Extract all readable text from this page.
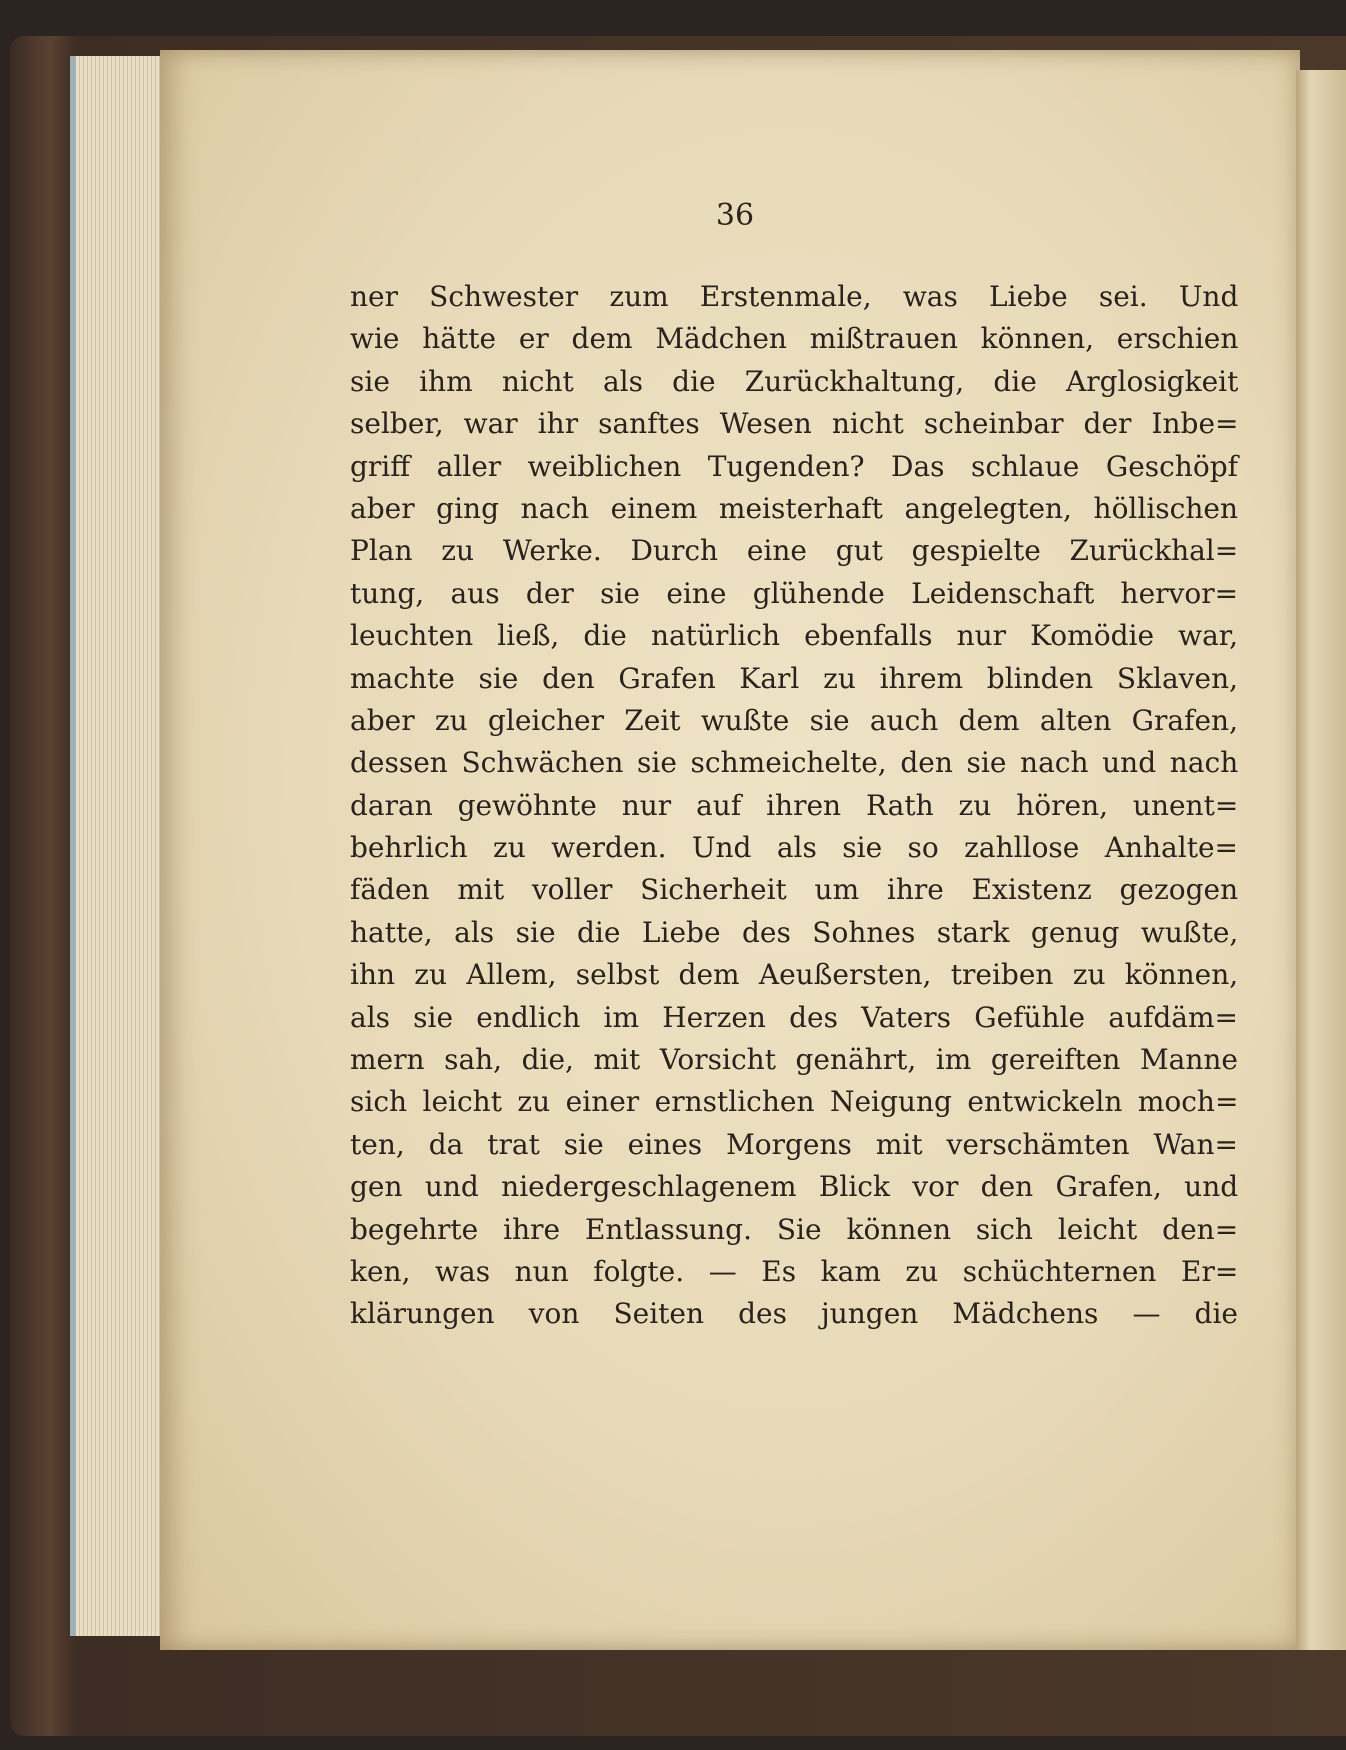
36
ner Schwester zum Erstenmale, was Liebe sei. Und
wie hätte er dem Mädchen mißtrauen können, erschien
sie ihm nicht als die Zurückhaltung, die Arglosigkeit
selber, war ihr sanftes Wesen nicht scheinbar der Inbe=
griff aller weiblichen Tugenden? Das schlaue Geschöpf
aber ging nach einem meisterhaft angelegten, höllischen
Plan zu Werke. Durch eine gut gespielte Zurückhal=
tung, aus der sie eine glühende Leidenschaft hervor=
leuchten ließ, die natürlich ebenfalls nur Komödie war,
machte sie den Grafen Karl zu ihrem blinden Sklaven,
aber zu gleicher Zeit wußte sie auch dem alten Grafen,
dessen Schwächen sie schmeichelte, den sie nach und nach
daran gewöhnte nur auf ihren Rath zu hören, unent=
behrlich zu werden. Und als sie so zahllose Anhalte=
fäden mit voller Sicherheit um ihre Existenz gezogen
hatte, als sie die Liebe des Sohnes stark genug wußte,
ihn zu Allem, selbst dem Aeußersten, treiben zu können,
als sie endlich im Herzen des Vaters Gefühle aufdäm=
mern sah, die, mit Vorsicht genährt, im gereiften Manne
sich leicht zu einer ernstlichen Neigung entwickeln moch=
ten, da trat sie eines Morgens mit verschämten Wan=
gen und niedergeschlagenem Blick vor den Grafen, und
begehrte ihre Entlassung. Sie können sich leicht den=
ken, was nun folgte. — Es kam zu schüchternen Er=
klärungen von Seiten des jungen Mädchens — die
